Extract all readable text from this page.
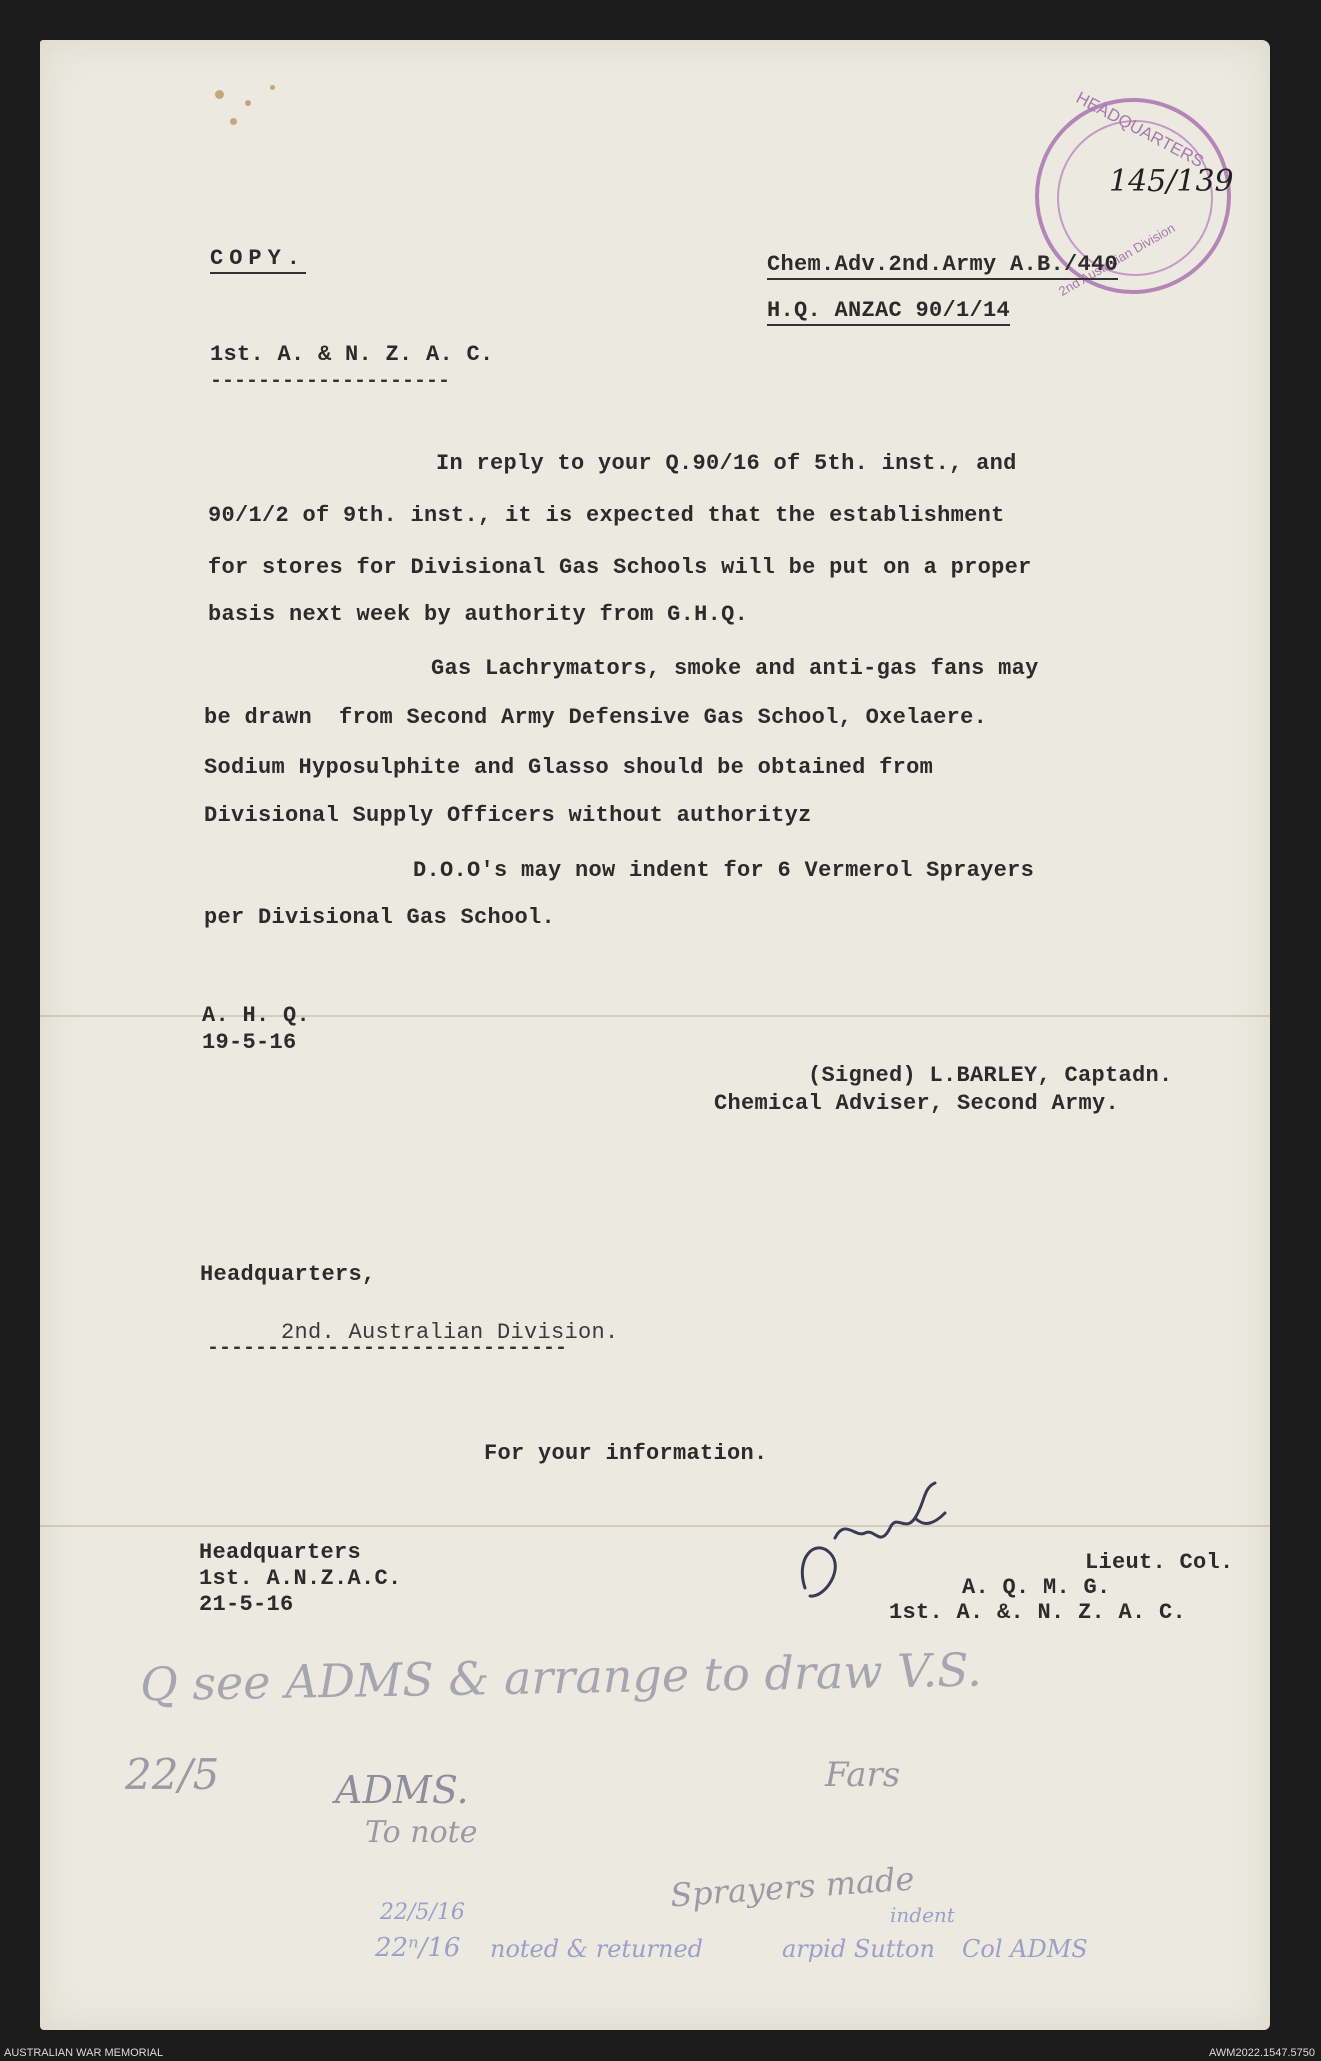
HEADQUARTERS
2nd Australian Division
145/139
COPY.	Chem.Adv.2nd.Army A.B./440
H.Q. ANZAC 90/1/14
1st. A. & N. Z. A. C.
--------------------
In reply to your Q.90/16 of 5th. inst., and
90/1/2 of 9th. inst., it is expected that the establishment
for stores for Divisional Gas Schools will be put on a proper
basis next week by authority from G.H.Q.
Gas Lachrymators, smoke and anti-gas fans may
be drawn  from Second Army Defensive Gas School, Oxelaere.
Sodium Hyposulphite and Glasso should be obtained from
Divisional Supply Officers without authorityz
D.O.O's may now indent for 6 Vermerol Sprayers
per Divisional Gas School.
A. H. Q.
19-5-16
(Signed) L.BARLEY, Captadn.
Chemical Adviser, Second Army.
Headquarters,
2nd. Australian Division.
------------------------------
For your information.
Headquarters
1st. A.N.Z.A.C.
21-5-16
Lieut. Col.
A. Q. M. G.
1st. A. &. N. Z. A. C.
Q see ADMS & arrange to draw V.S.
Fars
22/5	ADMS.
To note
Sprayers made
22/5/16
22ⁿ/16 noted & returned	arpid Sutton Col ADMS
indent
AUSTRALIAN WAR MEMORIAL	AWM2022.1547.5750
